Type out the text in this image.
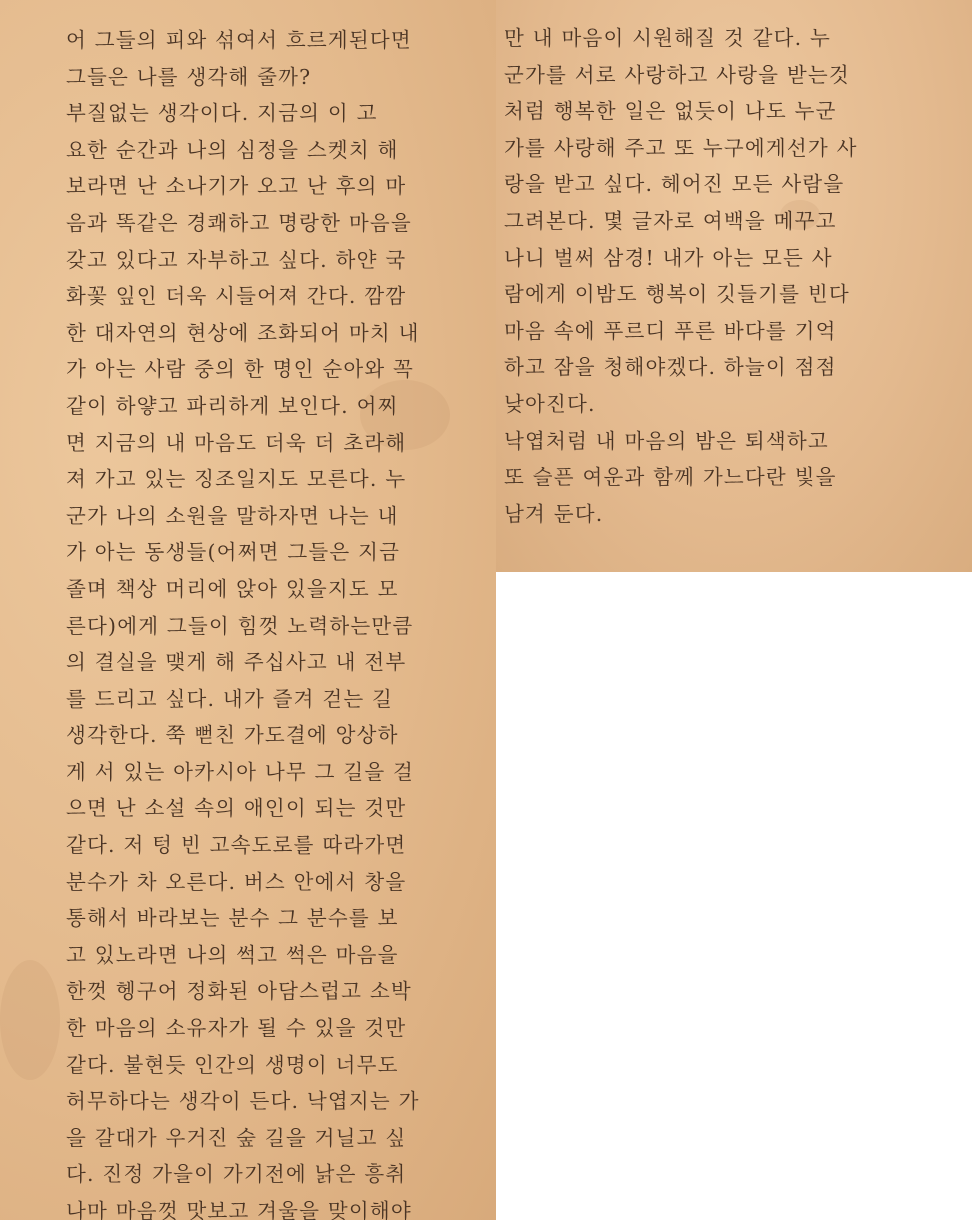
어 그들의 피와 섞여서 흐르게된다면
그들은 나를 생각해 줄까?
부질없는 생각이다. 지금의 이 고
요한 순간과 나의 심정을 스켓치 해
보라면 난 소나기가 오고 난 후의 마
음과 똑같은 경쾌하고 명랑한 마음을
갖고 있다고 자부하고 싶다. 하얀 국
화꽃 잎인 더욱 시들어져 간다. 깜깜
한 대자연의 현상에 조화되어 마치 내
가 아는 사람 중의 한 명인 순아와 꼭
같이 하얗고 파리하게 보인다. 어찌
면 지금의 내 마음도 더욱 더 초라해
져 가고 있는 징조일지도 모른다. 누
군가 나의 소원을 말하자면 나는 내
가 아는 동생들(어쩌면 그들은 지금
졸며 책상 머리에 앉아 있을지도 모
른다)에게 그들이 힘껏 노력하는만큼
의 결실을 맺게 해 주십사고 내 전부
를 드리고 싶다. 내가 즐겨 걷는 길
생각한다. 쭉 뻗친 가도결에 앙상하
게 서 있는 아카시아 나무 그 길을 걸
으면 난 소설 속의 애인이 되는 것만
같다. 저 텅 빈 고속도로를 따라가면
분수가 차 오른다. 버스 안에서 창을
통해서 바라보는 분수 그 분수를 보
고 있노라면 나의 썩고 썩은 마음을
한껏 헹구어 정화된 아담스럽고 소박
한 마음의 소유자가 될 수 있을 것만
같다. 불현듯 인간의 생명이 너무도
허무하다는 생각이 든다. 낙엽지는 가
을 갈대가 우거진 숲 길을 거닐고 싶
다. 진정 가을이 가기전에 낡은 흥취
나마 마음껏 맛보고 겨울을 맞이해야
만 내 마음이 시원해질 것 같다. 누
군가를 서로 사랑하고 사랑을 받는것
처럼 행복한 일은 없듯이 나도 누군
가를 사랑해 주고 또 누구에게선가 사
랑을 받고 싶다. 헤어진 모든 사람을
그려본다. 몇 글자로 여백을 메꾸고
나니 벌써 삼경! 내가 아는 모든 사
람에게 이밤도 행복이 깃들기를 빈다
마음 속에 푸르디 푸른 바다를 기억
하고 잠을 청해야겠다. 하늘이 점점
낮아진다.
낙엽처럼 내 마음의 밤은 퇴색하고
또 슬픈 여운과 함께 가느다란 빛을
남겨 둔다.
